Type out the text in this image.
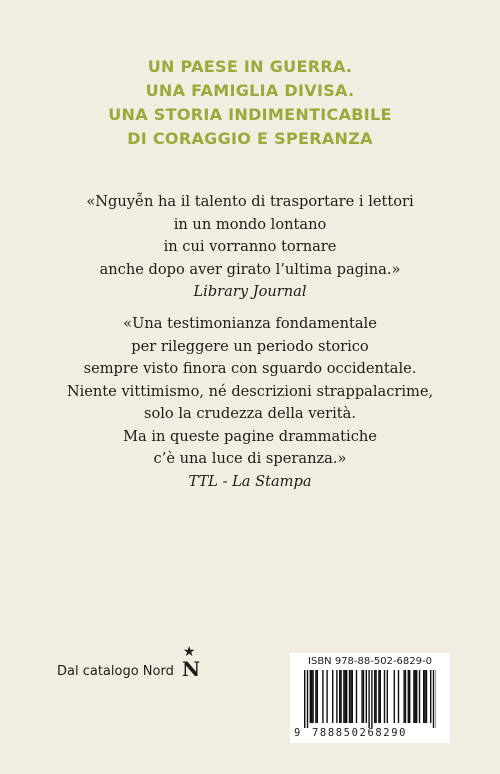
UN PAESE IN GUERRA.
UNA FAMIGLIA DIVISA.
UNA STORIA INDIMENTICABILE
DI CORAGGIO E SPERANZA
«Nguyễn ha il talento di trasportare i lettori
in un mondo lontano
in cui vorranno tornare
anche dopo aver girato l’ultima pagina.»
Library Journal
«Una testimonianza fondamentale
per rileggere un periodo storico
sempre visto finora con sguardo occidentale.
Niente vittimismo, né descrizioni strappalacrime,
solo la crudezza della verità.
Ma in queste pagine drammatiche
c’è una luce di speranza.»
TTL - La Stampa
Dal catalogo Nord
★
N	ISBN 978-88-502-6829-0
9 788850268290
